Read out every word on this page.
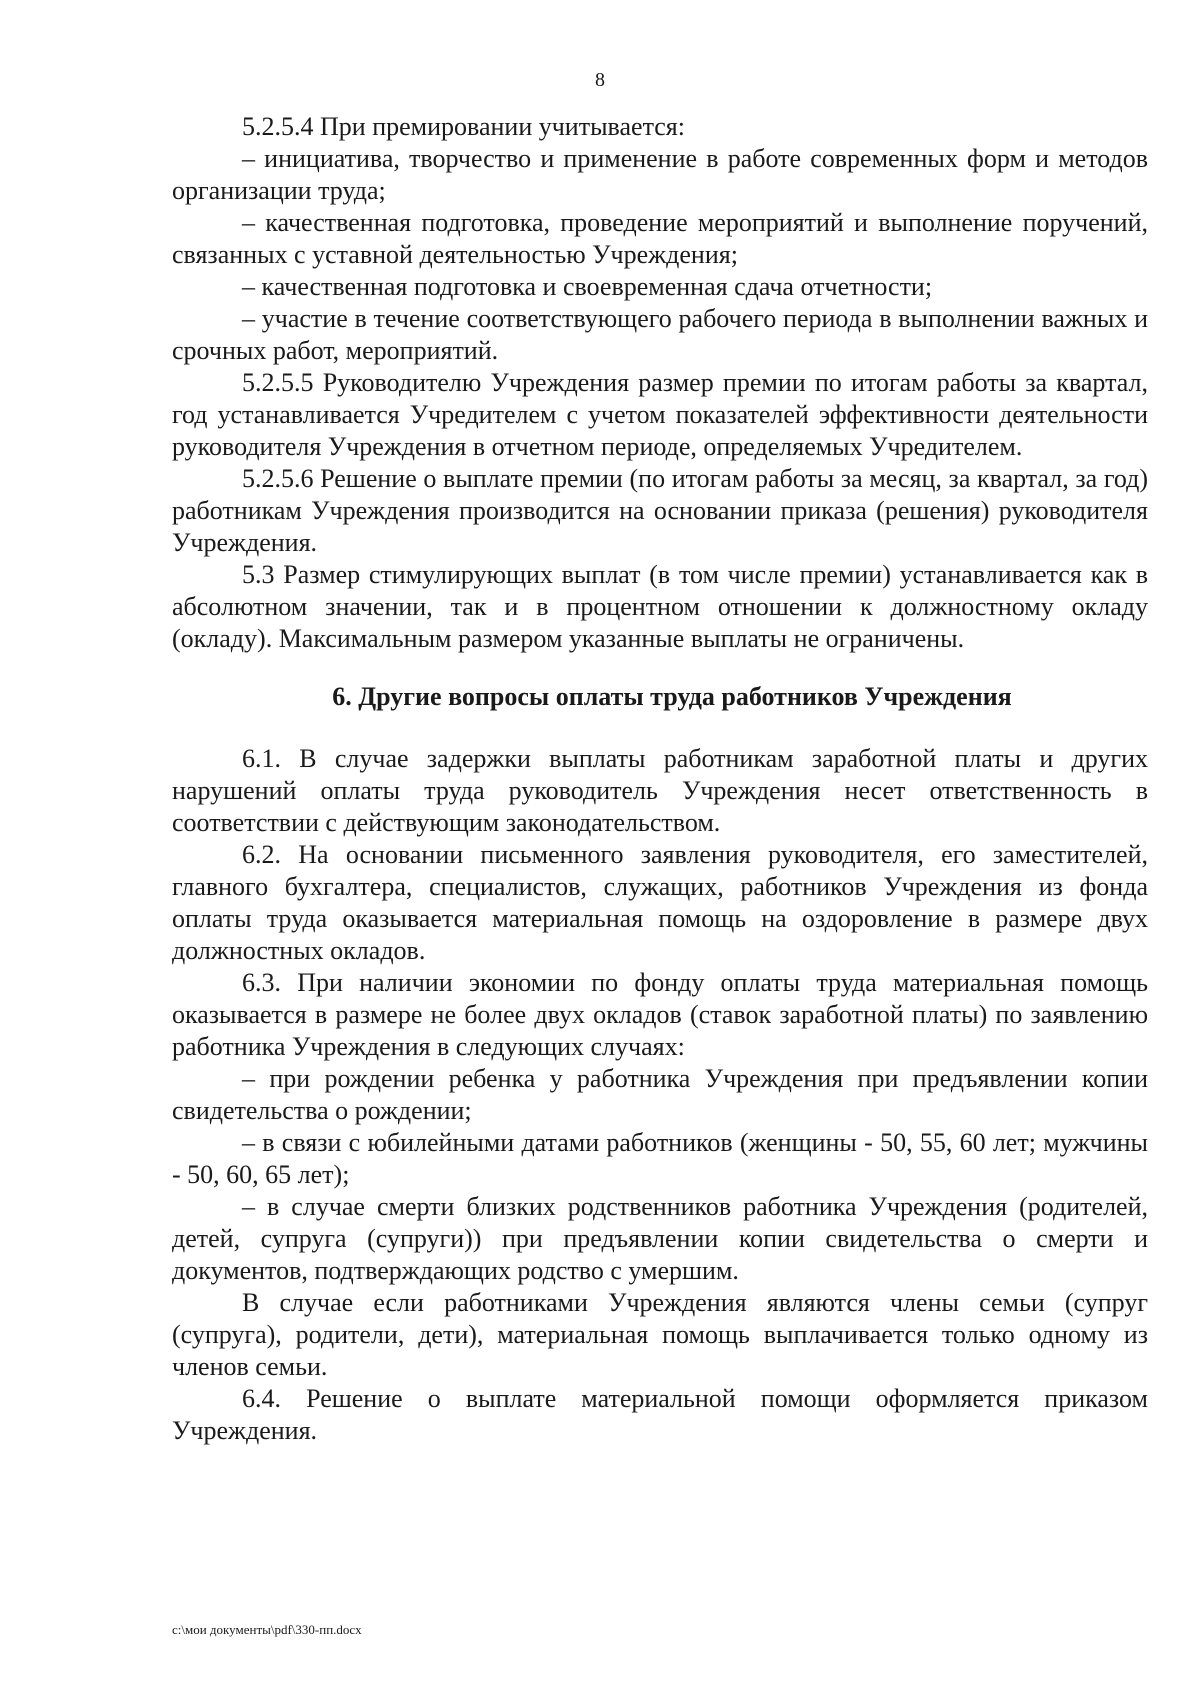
8

5.2.5.4 При премировании учитывается:

– инициатива, творчество и применение в работе современных форм и методов организации труда;

– качественная подготовка, проведение мероприятий и выполнение поручений, связанных с уставной деятельностью Учреждения;

– качественная подготовка и своевременная сдача отчетности;

– участие в течение соответствующего рабочего периода в выполнении важных и срочных работ, мероприятий.

5.2.5.5 Руководителю Учреждения размер премии по итогам работы за квартал, год устанавливается Учредителем с учетом показателей эффективности деятельности руководителя Учреждения в отчетном периоде, определяемых Учредителем.

5.2.5.6 Решение о выплате премии (по итогам работы за месяц, за квартал, за год) работникам Учреждения производится на основании приказа (решения) руководителя Учреждения.

5.3 Размер стимулирующих выплат (в том числе премии) устанавливается как в абсолютном значении, так и в процентном отношении к должностному окладу (окладу). Максимальным размером указанные выплаты не ограничены.

6. Другие вопросы оплаты труда работников Учреждения

6.1. В случае задержки выплаты работникам заработной платы и других нарушений оплаты труда руководитель Учреждения несет ответственность в соответствии с действующим законодательством.

6.2. На основании письменного заявления руководителя, его заместителей, главного бухгалтера, специалистов, служащих, работников Учреждения из фонда оплаты труда оказывается материальная помощь на оздоровление в размере двух должностных окладов.

6.3. При наличии экономии по фонду оплаты труда материальная помощь оказывается в размере не более двух окладов (ставок заработной платы) по заявлению работника Учреждения в следующих случаях:

– при рождении ребенка у работника Учреждения при предъявлении копии свидетельства о рождении;

– в связи с юбилейными датами работников (женщины - 50, 55, 60 лет; мужчины - 50, 60, 65 лет);

– в случае смерти близких родственников работника Учреждения (родителей, детей, супруга (супруги)) при предъявлении копии свидетельства о смерти и документов, подтверждающих родство с умершим.

В случае если работниками Учреждения являются члены семьи (супруг (супруга), родители, дети), материальная помощь выплачивается только одному из членов семьи.

6.4. Решение о выплате материальной помощи оформляется приказом Учреждения.

c:\мои документы\pdf\330-пп.docx
